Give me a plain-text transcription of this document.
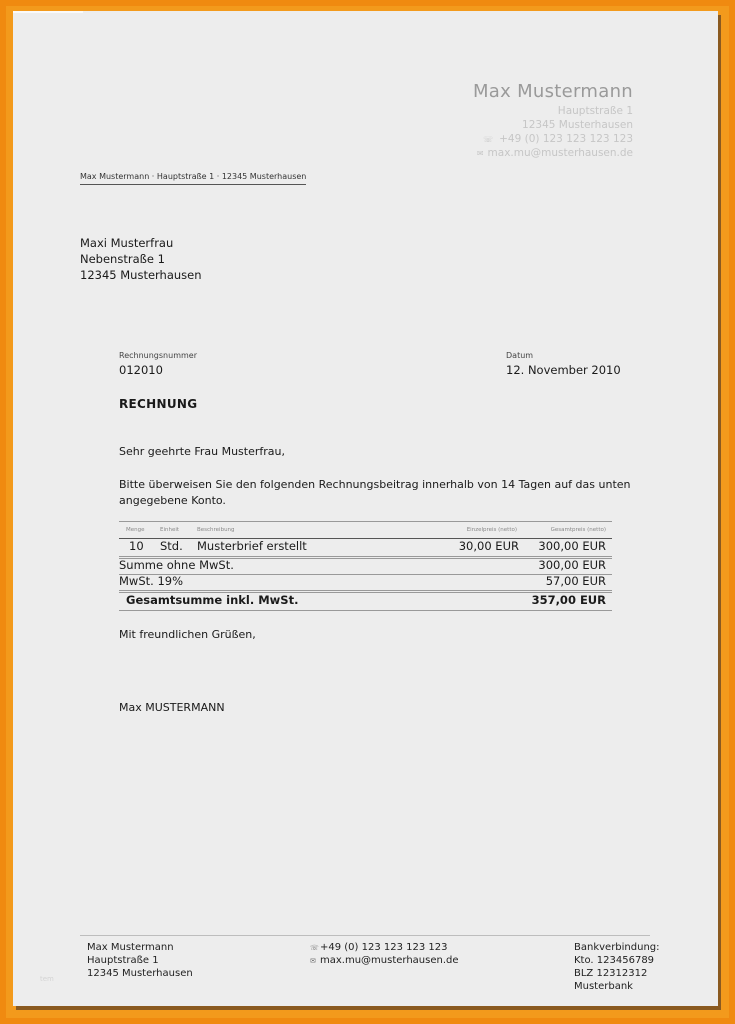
Max Mustermann
Hauptstraße 1
12345 Musterhausen
☏ +49 (0) 123 123 123 123
✉ max.mu@musterhausen.de
Max Mustermann · Hauptstraße 1 · 12345 Musterhausen
Maxi Musterfrau
Nebenstraße 1
12345 Musterhausen
Rechnungsnummer
012010
Datum
12. November 2010
RECHNUNG
Sehr geehrte Frau Musterfrau,
Bitte überweisen Sie den folgenden Rechnungsbeitrag innerhalb von 14 Tagen auf das unten
angegebene Konto.
Menge	Einheit	Beschreibung	Einzelpreis (netto)	Gesamtpreis (netto)
10 Std. Musterbrief erstellt	30,00 EUR 300,00 EUR
Summe ohne MwSt.	300,00 EUR
MwSt. 19%	57,00 EUR
Gesamtsumme inkl. MwSt.	357,00 EUR
Mit freundlichen Grüßen,
Max MUSTERMANN
Max Mustermann
Hauptstraße 1
12345 Musterhausen
☏+49 (0) 123 123 123 123
✉ max.mu@musterhausen.de
Bankverbindung:
Kto. 123456789
BLZ 12312312
Musterbank
tem
